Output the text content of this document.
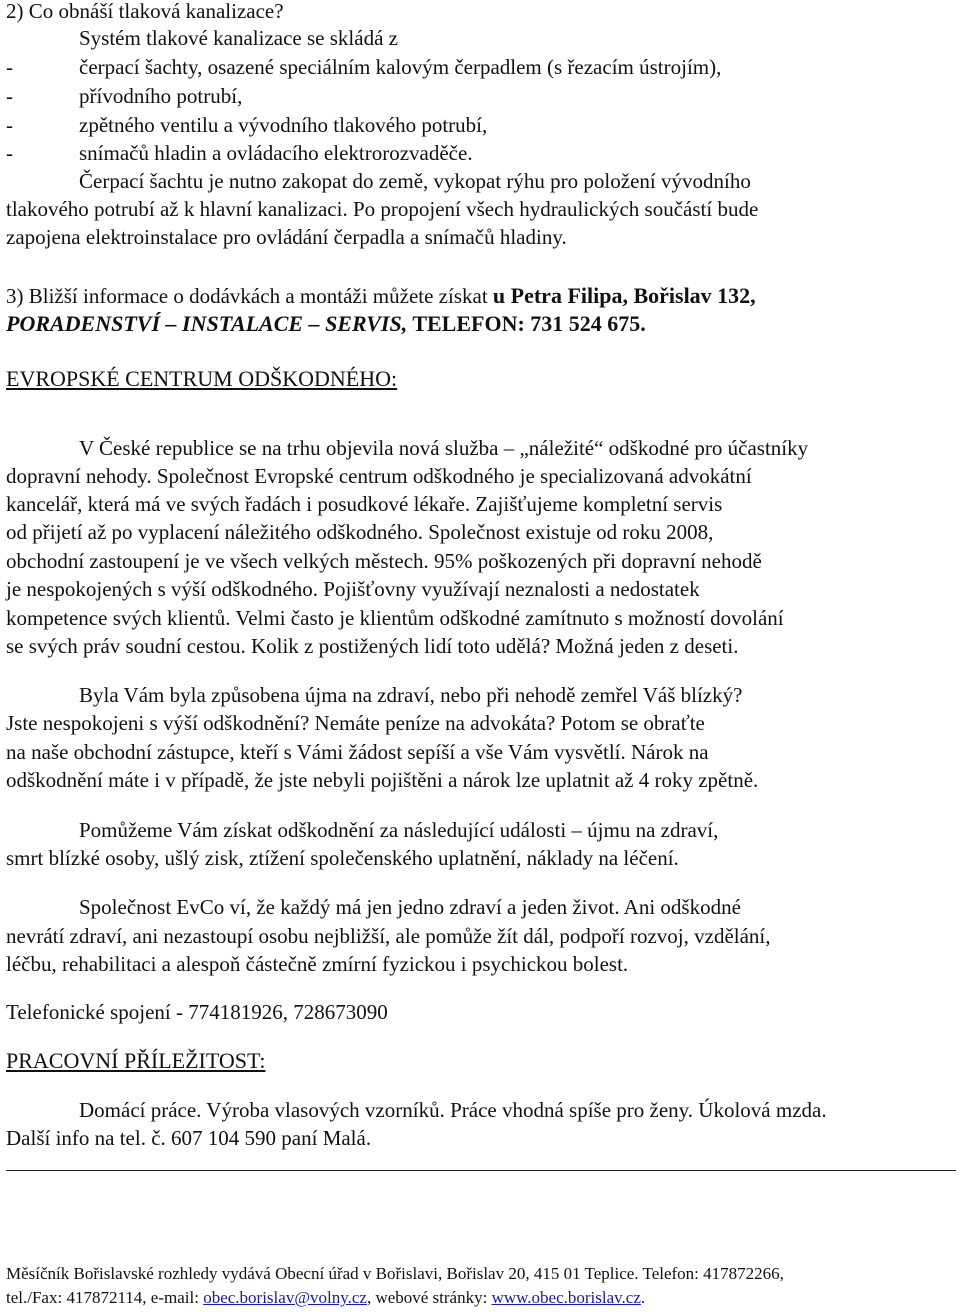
2) Co obnáší tlaková kanalizace?
Systém tlakové kanalizace se skládá z
-	čerpací šachty, osazené speciálním kalovým čerpadlem (s řezacím ústrojím),
-	přívodního potrubí,
-	zpětného ventilu a vývodního tlakového potrubí,
-	snímačů hladin a ovládacího elektrorozvaděče.
Čerpací šachtu je nutno zakopat do země, vykopat rýhu pro položení vývodního
tlakového potrubí až k hlavní kanalizaci. Po propojení všech hydraulických součástí bude
zapojena elektroinstalace pro ovládání čerpadla a snímačů hladiny.
3) Bližší informace o dodávkách a montáži můžete získat u Petra Filipa, Bořislav 132,
PORADENSTVÍ – INSTALACE – SERVIS, TELEFON: 731 524 675.
EVROPSKÉ CENTRUM ODŠKODNÉHO:
V České republice se na trhu objevila nová služba – „náležité“ odškodné pro účastníky
dopravní nehody. Společnost Evropské centrum odškodného je specializovaná advokátní
kancelář, která má ve svých řadách i posudkové lékaře. Zajišťujeme kompletní servis
od přijetí až po vyplacení náležitého odškodného. Společnost existuje od roku 2008,
obchodní zastoupení je ve všech velkých městech. 95% poškozených při dopravní nehodě
je nespokojených s výší odškodného. Pojišťovny využívají neznalosti a nedostatek
kompetence svých klientů. Velmi často je klientům odškodné zamítnuto s možností dovolání
se svých práv soudní cestou. Kolik z postižených lidí toto udělá? Možná jeden z deseti.
Byla Vám byla způsobena újma na zdraví, nebo při nehodě zemřel Váš blízký?
Jste nespokojeni s výší odškodnění? Nemáte peníze na advokáta? Potom se obraťte
na naše obchodní zástupce, kteří s Vámi žádost sepíší a vše Vám vysvětlí. Nárok na
odškodnění máte i v případě, že jste nebyli pojištěni a nárok lze uplatnit až 4 roky zpětně.
Pomůžeme Vám získat odškodnění za následující události – újmu na zdraví,
smrt blízké osoby, ušlý zisk, ztížení společenského uplatnění, náklady na léčení.
Společnost EvCo ví, že každý má jen jedno zdraví a jeden život. Ani odškodné
nevrátí zdraví, ani nezastoupí osobu nejbližší, ale pomůže žít dál, podpoří rozvoj, vzdělání,
léčbu, rehabilitaci a alespoň částečně zmírní fyzickou i psychickou bolest.
Telefonické spojení - 774181926, 728673090
PRACOVNÍ PŘÍLEŽITOST:
Domácí práce. Výroba vlasových vzorníků. Práce vhodná spíše pro ženy. Úkolová mzda.
Další info na tel. č. 607 104 590 paní Malá.
Měsíčník Bořislavské rozhledy vydává Obecní úřad v Bořislavi, Bořislav 20, 415 01 Teplice. Telefon: 417872266,
tel./Fax: 417872114, e-mail: obec.borislav@volny.cz, webové stránky: www.obec.borislav.cz.
